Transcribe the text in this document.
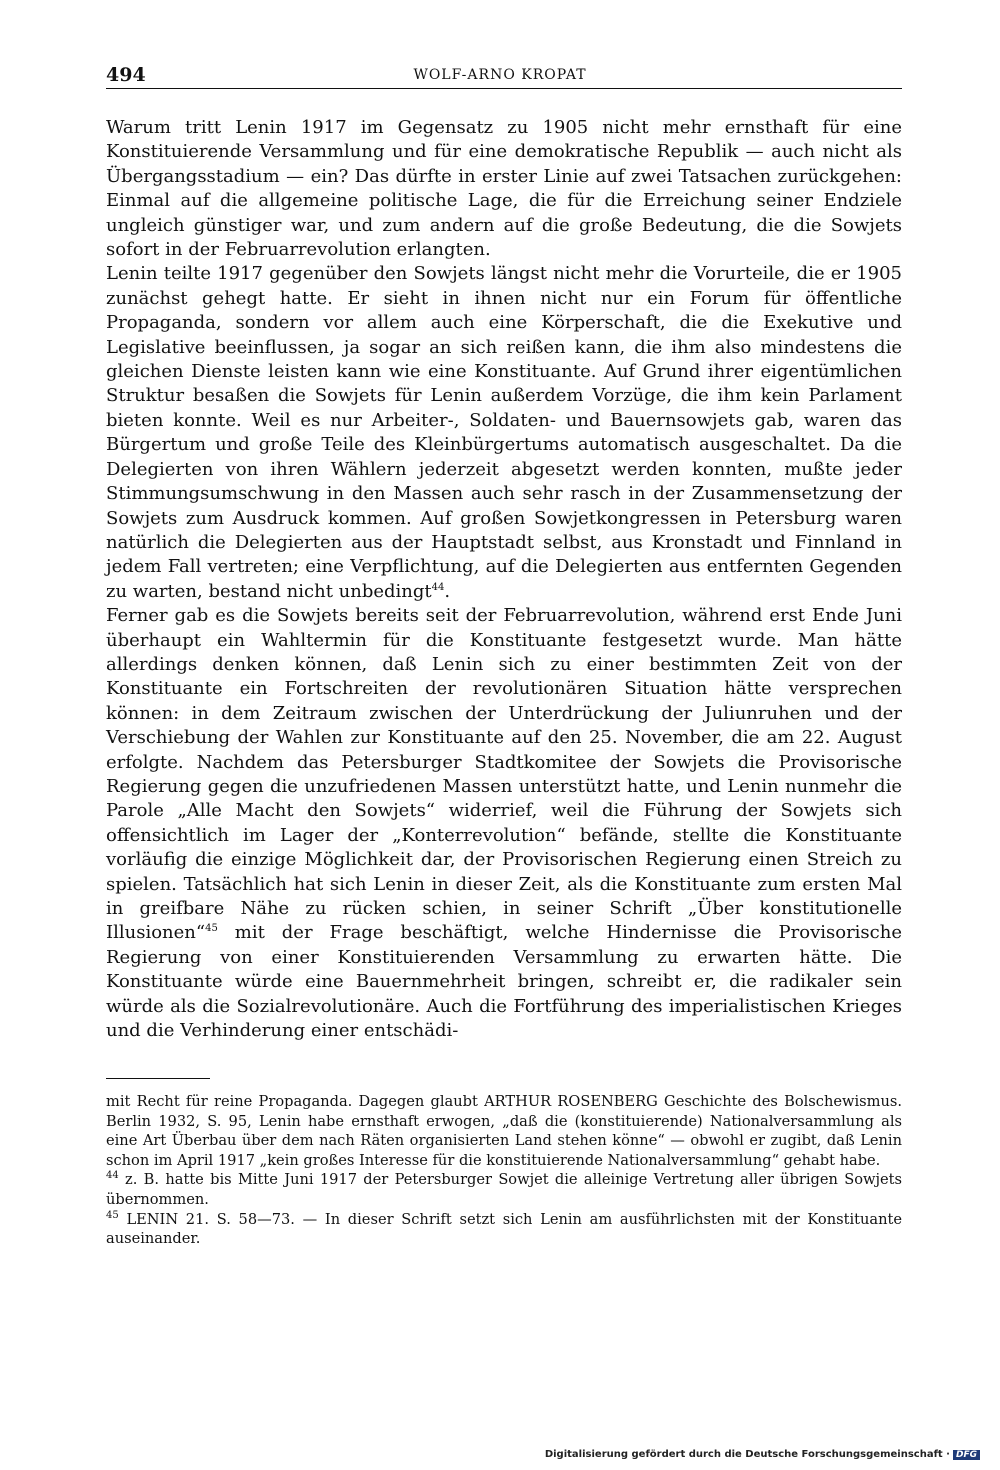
494	WOLF-ARNO KROPAT

Warum tritt Lenin 1917 im Gegensatz zu 1905 nicht mehr ernsthaft für eine Konstituierende Versammlung und für eine demokratische Republik — auch nicht als Übergangsstadium — ein? Das dürfte in erster Linie auf zwei Tatsachen zurückgehen: Einmal auf die allgemeine politische Lage, die für die Erreichung seiner Endziele ungleich günstiger war, und zum andern auf die große Bedeutung, die die Sowjets sofort in der Februarrevolution erlangten.

Lenin teilte 1917 gegenüber den Sowjets längst nicht mehr die Vorurteile, die er 1905 zunächst gehegt hatte. Er sieht in ihnen nicht nur ein Forum für öffentliche Propaganda, sondern vor allem auch eine Körperschaft, die die Exekutive und Legislative beeinflussen, ja sogar an sich reißen kann, die ihm also mindestens die gleichen Dienste leisten kann wie eine Konstituante. Auf Grund ihrer eigentümlichen Struktur besaßen die Sowjets für Lenin außerdem Vorzüge, die ihm kein Parlament bieten konnte. Weil es nur Arbeiter-, Soldaten- und Bauernsowjets gab, waren das Bürgertum und große Teile des Kleinbürgertums automatisch ausgeschaltet. Da die Delegierten von ihren Wählern jederzeit abgesetzt werden konnten, mußte jeder Stimmungsumschwung in den Massen auch sehr rasch in der Zusammensetzung der Sowjets zum Ausdruck kommen. Auf großen Sowjetkongressen in Petersburg waren natürlich die Delegierten aus der Hauptstadt selbst, aus Kronstadt und Finnland in jedem Fall vertreten; eine Verpflichtung, auf die Delegierten aus entfernten Gegenden zu warten, bestand nicht unbedingt$^{44}$.

Ferner gab es die Sowjets bereits seit der Februarrevolution, während erst Ende Juni überhaupt ein Wahltermin für die Konstituante festgesetzt wurde. Man hätte allerdings denken können, daß Lenin sich zu einer bestimmten Zeit von der Konstituante ein Fortschreiten der revolutionären Situation hätte versprechen können: in dem Zeitraum zwischen der Unterdrückung der Juliunruhen und der Verschiebung der Wahlen zur Konstituante auf den 25. November, die am 22. August erfolgte. Nachdem das Petersburger Stadtkomitee der Sowjets die Provisorische Regierung gegen die unzufriedenen Massen unterstützt hatte, und Lenin nunmehr die Parole „Alle Macht den Sowjets“ widerrief, weil die Führung der Sowjets sich offensichtlich im Lager der „Konterrevolution“ befände, stellte die Konstituante vorläufig die einzige Möglichkeit dar, der Provisorischen Regierung einen Streich zu spielen. Tatsächlich hat sich Lenin in dieser Zeit, als die Konstituante zum ersten Mal in greifbare Nähe zu rücken schien, in seiner Schrift „Über konstitutionelle Illusionen“$^{45}$ mit der Frage beschäftigt, welche Hindernisse die Provisorische Regierung von einer Konstituierenden Versammlung zu erwarten hätte. Die Konstituante würde eine Bauernmehrheit bringen, schreibt er, die radikaler sein würde als die Sozialrevolutionäre. Auch die Fortführung des imperialistischen Krieges und die Verhinderung einer entschädi-

mit Recht für reine Propaganda. Dagegen glaubt ARTHUR ROSENBERG Geschichte des Bolschewismus. Berlin 1932, S. 95, Lenin habe ernsthaft erwogen, „daß die (konstituierende) Nationalversammlung als eine Art Überbau über dem nach Räten organisierten Land stehen könne“ — obwohl er zugibt, daß Lenin schon im April 1917 „kein großes Interesse für die konstituierende Nationalversammlung“ gehabt habe.

$^{44}$ z. B. hatte bis Mitte Juni 1917 der Petersburger Sowjet die alleinige Vertretung aller übrigen Sowjets übernommen.

$^{45}$ LENIN 21. S. 58—73. — In dieser Schrift setzt sich Lenin am ausführlichsten mit der Konstituante auseinander.

Digitalisierung gefördert durch die Deutsche Forschungsgemeinschaft · DFG
